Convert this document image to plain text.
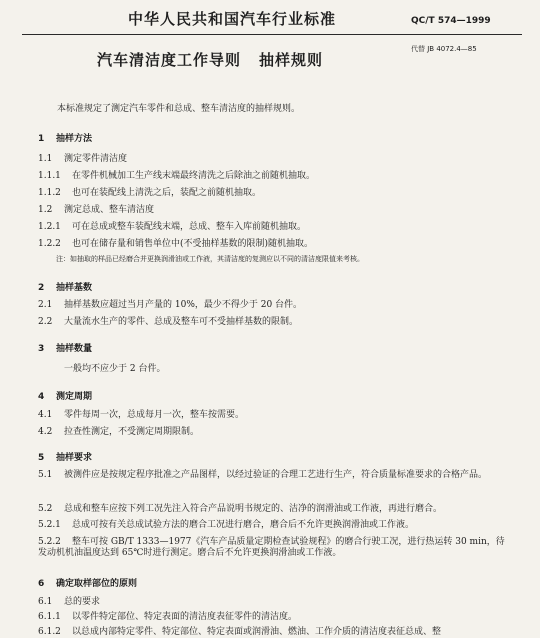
中华人民共和国汽车行业标准	QC/T 574—1999
代替 JB 4072.4—85
汽车清洁度工作导则 抽样规则
本标准规定了测定汽车零件和总成、整车清洁度的抽样规则。
1 抽样方法
1.1 测定零件清洁度
1.1.1 在零件机械加工生产线末端最终清洗之后除油之前随机抽取。
1.1.2 也可在装配线上清洗之后，装配之前随机抽取。
1.2 测定总成、整车清洁度
1.2.1 可在总成或整车装配线末端，总成、整车入库前随机抽取。
1.2.2 也可在储存量和销售单位中(不受抽样基数的限制)随机抽取。
注：如抽取的样品已经磨合并更换润滑油或工作液，其清洁度的复测应以不同的清洁度限值来考核。
2 抽样基数
2.1 抽样基数应超过当月产量的 10%，最少不得少于 20 台件。
2.2 大量流水生产的零件、总成及整车可不受抽样基数的限制。
3 抽样数量
一般均不应少于 2 台件。
4 测定周期
4.1 零件每周一次，总成每月一次，整车按需要。
4.2 拉查性测定，不受测定周期限制。
5 抽样要求
5.1 被测件应是按规定程序批准之产品图样，以经过验证的合理工艺进行生产，符合质量标准要求的合格产品。
5.2 总成和整车应按下列工况先注入符合产品说明书规定的、洁净的润滑油或工作液，再进行磨合。
5.2.1 总成可按有关总成试验方法的磨合工况进行磨合，磨合后不允许更换润滑油或工作液。
5.2.2 整车可按 GB/T 1333—1977《汽车产品质量定期检查试验规程》的磨合行驶工况，进行热运转 30 min，待发动机机油温度达到 65℃时进行测定。磨合后不允许更换润滑油或工作液。
6 确定取样部位的原则
6.1 总的要求
6.1.1 以零件特定部位、特定表面的清洁度表征零件的清洁度。
6.1.2 以总成内部特定零件、特定部位、特定表面或润滑油、燃油、工作介质的清洁度表征总成、整
